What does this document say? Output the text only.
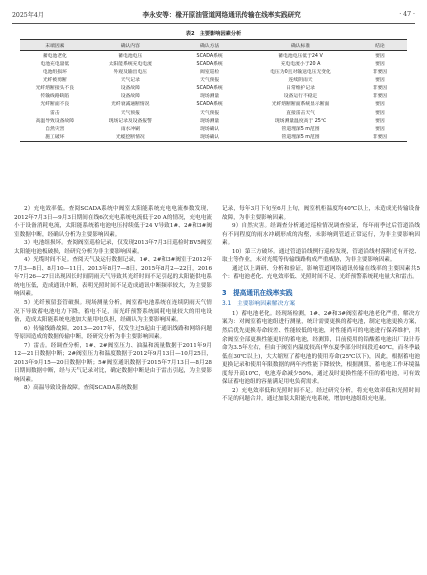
2025年4月	李永安等：椽开原油管道网络通讯传输在线率实践研究	· 47 ·
表2　主要影响因素分析
末端因素	确认内容	确认方法	确认标准	结论
蓄电池老化	蓄电池电压	SCADA系统	蓄电池电压低于24 V	要因
电池充电量低	太阳能系统充电电流	SCADA系统	充电电流小于20 A	要因
电池组损坏	外观及输出电压	阀室巡检	电压为0且对输送电压无变化	非要因
光纤被剪断	天气记录	天气预报	连续阴雨天	要因
光纤熔断接头不良	设备故障	SCADA系统	日常维护记录	非要因
传输线路缺陷	设备故障	现场测量	设备运行不稳定	非要因
光纤断面不良	光纤衰减通断情况	SCADA系统	光纤熔断断面系统显示断面	要因
雷击	天气预报	天气预报	直接雷击天气	要因
高温导致设备故障	现场记录及设备报警	现场测量	现场测量温度高于 25℃	要因
自然灾害	雨水冲刷	现场确认	管道埋深5 m范围	要因
施工破坏	光缆挖断情况	现场确认	管道埋深5 m范围	非要因

2）充电效率低。查阅SCADA系统中阀室太阳能系统充电电流参数发现，2012年7月3日—9月3日期间在线6次充电系统电流低于20 A的情况，充电电流小于设备消耗电流，太阳能系统蓄电池电压持续低于24 V导致1#、2#和3#阀室数据中断，经确认分析为主要影响因素。

3）电池组损坏。查阅阀室巡检记录，仅发现2013年7月3日巡检时BV5阀室太阳能电池板破损，经研究分析为非主要影响因素。

4）光缆时间不足。查阅天气及运行数据记录，1#、2#和3#阀室于2012年7月3—8日、8月10—11日、2013年8月7—8日、2015年8月2—22日，2016年7月26—27日出现因长时间阴雨天气导致其光纤时间不足引起的太阳能供电系统电压低，造成通讯中断，表明光照时间不足造成通讯中断频率较大，为主要影响因素。

5）光纤预留套管破损。现场测量分析，阀室蓄电池系统在连续阴雨天气情况下导致蓄电池电力下降，蓄电不足，而光纤预警系统属耗电量较大的用电设备，造成太阳能系统电池加大量用电负担，经确认为主要影响因素。

6）传输线路故障。2013—2017年，仅发生过5起由于通讯线路和网络问题等原因造成的数据传输中断，经研究分析为非主要影响因素。

7）雷击。经调查分析，1#、2#阀室压力、油温和流量数据于2011年9月12—21日数据中断；2#阀室压力和温度数据于2012年9月13日—10月25日，2013年9月15—20日数据中断；5#阀室通讯数据于2015年7月13日—8月28日期间数据中断，经与天气记录对比，确定数据中断是由于雷击引起，为主要影响因素。

8）高温导致设备故障。查阅SCADA系统数据

记录，每年3月下旬至6月上旬，阀室机柜温度均40℃以上，未造成光传输设备故障，为非主要影响因素。

9）自然灾害。经调查分析通过巡检情况调查验证，每年雨季过后管道沿线有不同程度的雨水冲刷形成的沟壑，未影响到管道正常运行，为非主要影响因素。

10）第三方破坏。通过管道沿线例行巡检发现，管道沿线村落附近有开挖、取土等作业，未对光缆等传输线路构成严重威胁，为非主要影响因素。

通过以上调研、分析和验证，影响管道网络通讯传输在线率的主要因素共5个：蓄电池老化、充电效率低、光照时间不足、光纤预警系统耗电量大和雷击。

3　提高通讯在线率实践
3.1　主要影响因素解决方案

1）蓄电池老化。经现场检测，1#、2#和3#阀室蓄电池老化严重，解决方案为：对阀室蓄电池组进行测量，统计需要更换的蓄电池，制定电池更换方案，然后优先更换寿命较差、性能较低的电池，对性能尚可的电池进行保养维护，其余阀室全部更换性能更好的蓄电池，经测算，目前使用的铅酸蓄电池出厂设计寿命为3.5年左右，但由于阀室内温度较高(华东夏季部分时间段近40℃，而冬季最低在30℃以上)，大大缩短了蓄电池的使用寿命(25℃以下)，因此，根据蓄电池更换记录和使用年限数据的两年内性能下降较快，根据测算，蓄电池工作环境温度每升高10℃，电池寿命减少50%，通过及时更换性能不佳的蓄电池，可有效保证蓄电池组的容量满足用电负荷需求。

2）充电效率低和光照时间不足。经过研究分析，将充电效率低和光照时间不足的问题合并，通过加装太阳能充电系统，增加电池组组充电量。
